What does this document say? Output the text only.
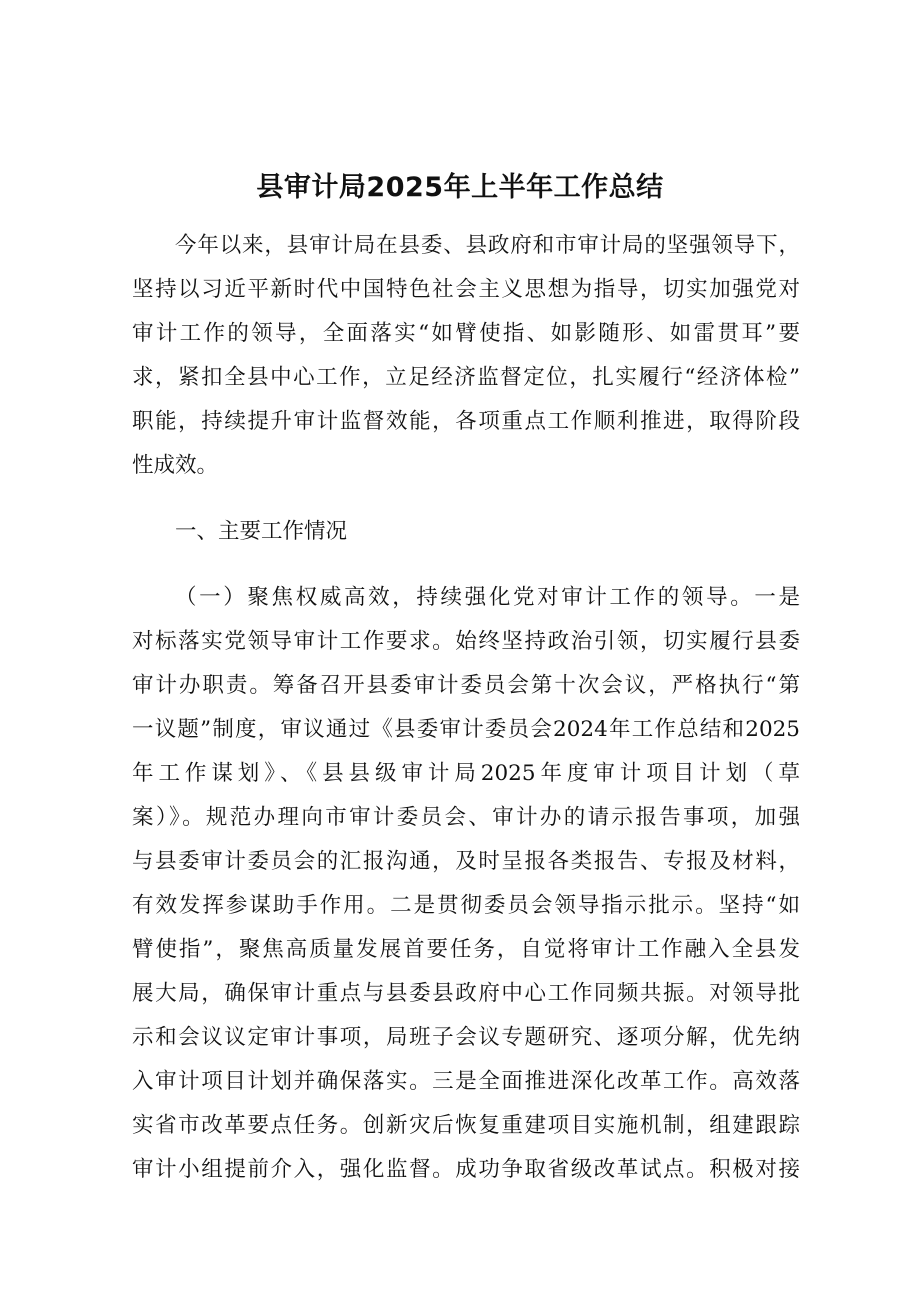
县审计局2025年上半年工作总结
今年以来，县审计局在县委、县政府和市审计局的坚强领导下，
坚持以习近平新时代中国特色社会主义思想为指导，切实加强党对
审计工作的领导，全面落实“如臂使指、如影随形、如雷贯耳”要
求，紧扣全县中心工作，立足经济监督定位，扎实履行“经济体检”
职能，持续提升审计监督效能，各项重点工作顺利推进，取得阶段
性成效。
一、主要工作情况
（一）聚焦权威高效，持续强化党对审计工作的领导。一是
对标落实党领导审计工作要求。始终坚持政治引领，切实履行县委
审计办职责。筹备召开县委审计委员会第十次会议，严格执行“第
一议题”制度，审议通过《县委审计委员会2024年工作总结和2025
年工作谋划》、《县县级审计局2025年度审计项目计划（草
案）》。规范办理向市审计委员会、审计办的请示报告事项，加强
与县委审计委员会的汇报沟通，及时呈报各类报告、专报及材料，
有效发挥参谋助手作用。二是贯彻委员会领导指示批示。坚持“如
臂使指”，聚焦高质量发展首要任务，自觉将审计工作融入全县发
展大局，确保审计重点与县委县政府中心工作同频共振。对领导批
示和会议议定审计事项，局班子会议专题研究、逐项分解，优先纳
入审计项目计划并确保落实。三是全面推进深化改革工作。高效落
实省市改革要点任务。创新灾后恢复重建项目实施机制，组建跟踪
审计小组提前介入，强化监督。成功争取省级改革试点。积极对接
